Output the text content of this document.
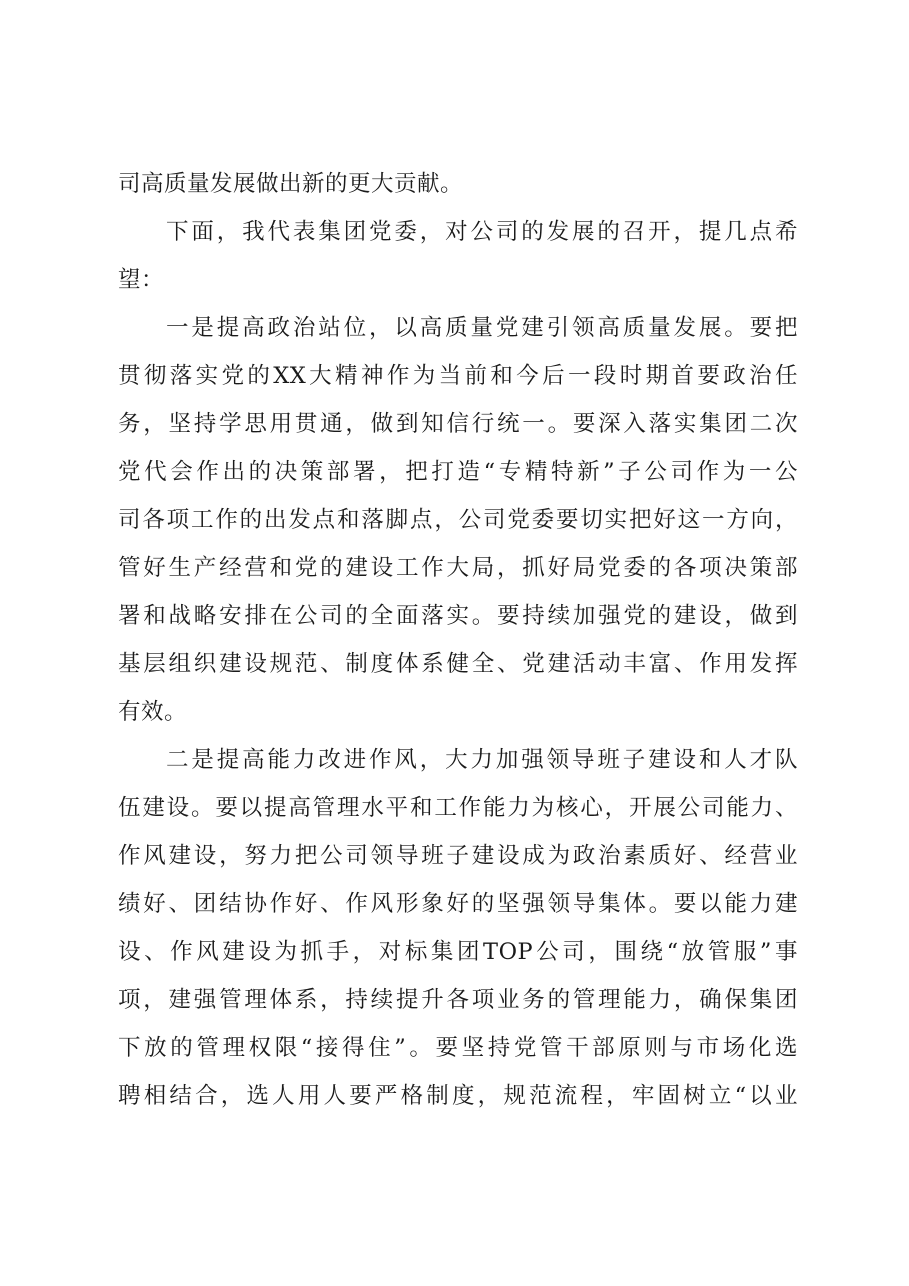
司高质量发展做出新的更大贡献。

下面，我代表集团党委，对公司的发展的召开，提几点希

望：

一是提高政治站位，以高质量党建引领高质量发展。要把

贯彻落实党的XX大精神作为当前和今后一段时期首要政治任

务，坚持学思用贯通，做到知信行统一。要深入落实集团二次

党代会作出的决策部署，把打造“专精特新”子公司作为一公

司各项工作的出发点和落脚点，公司党委要切实把好这一方向，

管好生产经营和党的建设工作大局，抓好局党委的各项决策部

署和战略安排在公司的全面落实。要持续加强党的建设，做到

基层组织建设规范、制度体系健全、党建活动丰富、作用发挥

有效。

二是提高能力改进作风，大力加强领导班子建设和人才队

伍建设。要以提高管理水平和工作能力为核心，开展公司能力、

作风建设，努力把公司领导班子建设成为政治素质好、经营业

绩好、团结协作好、作风形象好的坚强领导集体。要以能力建

设、作风建设为抓手，对标集团TOP公司，围绕“放管服”事

项，建强管理体系，持续提升各项业务的管理能力，确保集团

下放的管理权限“接得住”。要坚持党管干部原则与市场化选

聘相结合，选人用人要严格制度，规范流程，牢固树立“以业
